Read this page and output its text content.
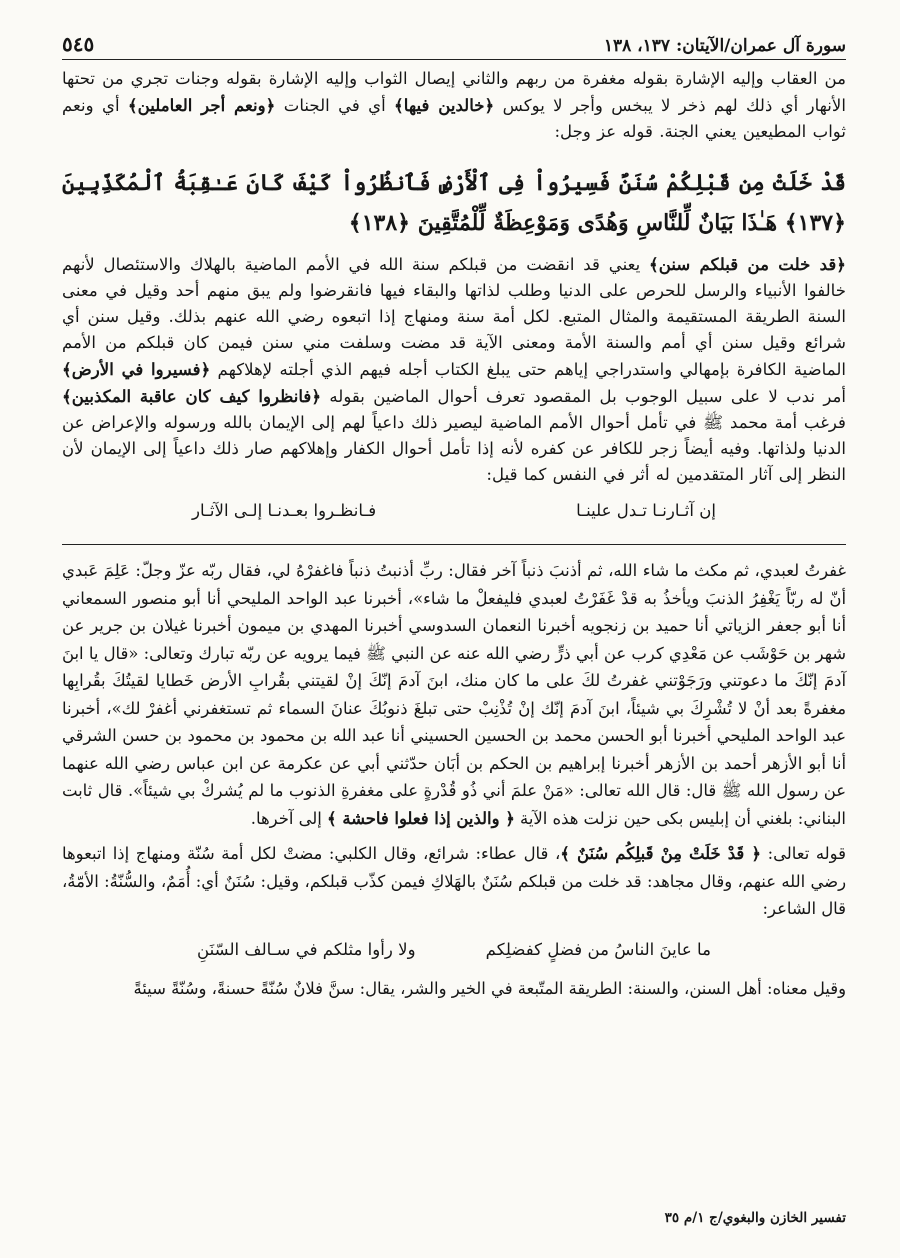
سورة آل عمران/الآيتان: ١٣٧، ١٣٨
٥٤٥

من العقاب وإليه الإشارة بقوله مغفرة من ربهم والثاني إيصال الثواب وإليه الإشارة بقوله وجنات تجري من تحتها الأنهار أي ذلك لهم ذخر لا يبخس وأجر لا يوكس ﴿خالدين فيها﴾ أي في الجنات ﴿ونعم أجر العاملين﴾ أي ونعم ثواب المطيعين يعني الجنة. قوله عز وجل:

قَدْ خَلَتْ مِن قَبْلِكُمْ سُنَنٌ فَسِيرُواْ فِى ٱلْأَرْضِ فَٱنظُرُواْ كَيْفَ كَانَ عَـٰقِبَةُ ٱلْمُكَذِّبِينَ ﴿١٣٧﴾ هَـٰذَا بَيَانٌ لِّلنَّاسِ وَهُدًى وَمَوْعِظَةٌ لِّلْمُتَّقِينَ ﴿١٣٨﴾

﴿قد خلت من قبلكم سنن﴾ يعني قد انقضت من قبلكم سنة الله في الأمم الماضية بالهلاك والاستئصال لأنهم خالفوا الأنبياء والرسل للحرص على الدنيا وطلب لذاتها والبقاء فيها فانقرضوا ولم يبق منهم أحد وقيل في معنى السنة الطريقة المستقيمة والمثال المتبع. لكل أمة سنة ومنهاج إذا اتبعوه رضي الله عنهم بذلك. وقيل سنن أي شرائع وقيل سنن أي أمم والسنة الأمة ومعنى الآية قد مضت وسلفت مني سنن فيمن كان قبلكم من الأمم الماضية الكافرة بإمهالي واستدراجي إياهم حتى يبلغ الكتاب أجله فيهم الذي أجلته لإهلاكهم ﴿فسيروا في الأرض﴾ أمر ندب لا على سبيل الوجوب بل المقصود تعرف أحوال الماضين بقوله ﴿فانظروا كيف كان عاقبة المكذبين﴾ فرغب أمة محمد ﷺ في تأمل أحوال الأمم الماضية ليصير ذلك داعياً لهم إلى الإيمان بالله ورسوله والإعراض عن الدنيا ولذاتها. وفيه أيضاً زجر للكافر عن كفره لأنه إذا تأمل أحوال الكفار وإهلاكهم صار ذلك داعياً إلى الإيمان لأن النظر إلى آثار المتقدمين له أثر في النفس كما قيل:

إن آثـارنـا تـدل علينـا
فـانظـروا بعـدنـا إلـى الآثـار

غفرتُ لعبدي، ثم مكث ما شاء الله، ثم أذنبَ ذنباً آخر فقال: ربِّ أذنبتُ ذنباً فاغفرْهُ لي، فقال ربّه عزّ وجلّ: عَلِمَ عَبدي أنّ له ربّاً يَغْفِرُ الذنبَ ويأخذُ به قدْ غَفَرْتُ لعبدي فليفعلْ ما شاء»، أخبرنا عبد الواحد المليحي أنا أبو منصور السمعاني أنا أبو جعفر الزياتي أنا حميد بن زنجويه أخبرنا النعمان السدوسي أخبرنا المهدي بن ميمون أخبرنا غيلان بن جرير عن شهر بن حَوْشَب عن مَعْدِي كرب عن أبي ذرٍّ رضي الله عنه عن النبي ﷺ فيما يرويه عن ربّه تبارك وتعالى: «قال يا ابنَ آدمَ إنّكَ ما دعوتني ورَجَوْتني غفرتُ لكَ على ما كان منك، ابنَ آدمَ إنّكَ إنْ لقيتني بقُرابِ الأرض خَطايا لقيتُكَ بقُرابِها مغفرةً بعد أنْ لا تُشْرِكَ بي شيئاً، ابنَ آدمَ إنّك إنْ تُذْنِبْ حتى تبلغَ ذنوبُكَ عنانَ السماء ثم تستغفرني أغفرْ لك»، أخبرنا عبد الواحد المليحي أخبرنا أبو الحسن محمد بن الحسين الحسيني أنا عبد الله بن محمود بن محمود بن حسن الشرقي أنا أبو الأزهر أحمد بن الأزهر أخبرنا إبراهيم بن الحكم بن أبَان حدّثني أبي عن عكرمة عن ابن عباس رضي الله عنهما عن رسول الله ﷺ قال: قال الله تعالى: «مَنْ علمَ أني ذُو قُدْرةٍ على مغفرةِ الذنوب ما لم يُشركْ بي شيئاً». قال ثابت البناني: بلغني أن إبليس بكى حين نزلت هذه الآية ﴿ والذين إذا فعلوا فاحشة ﴾ إلى آخرها.

قوله تعالى: ﴿ قَدْ خَلَتْ مِنْ قَبلِكُم سُنَنٌ ﴾، قال عطاء: شرائع، وقال الكلبي: مضتْ لكل أمة سُنّة ومنهاج إذا اتبعوها رضي الله عنهم، وقال مجاهد: قد خلت من قبلكم سُنَنٌ بالهَلاكِ فيمن كذّب قبلكم، وقيل: سُنَنٌ أي: أُمَمٌ، والسُّنّةُ: الأمّةُ، قال الشاعر:

ما عاينَ الناسُ من فضلٍ كفضلِكم
ولا رأوا مثلكم في سـالف السّنَنِ

وقيل معناه: أهل السنن، والسنة: الطريقة المتّبعة في الخير والشر، يقال: سنَّ فلانٌ سُنّةً حسنةً، وسُنّةً سيئةً

تفسير الخازن والبغوي/ج ١/م ٣٥
